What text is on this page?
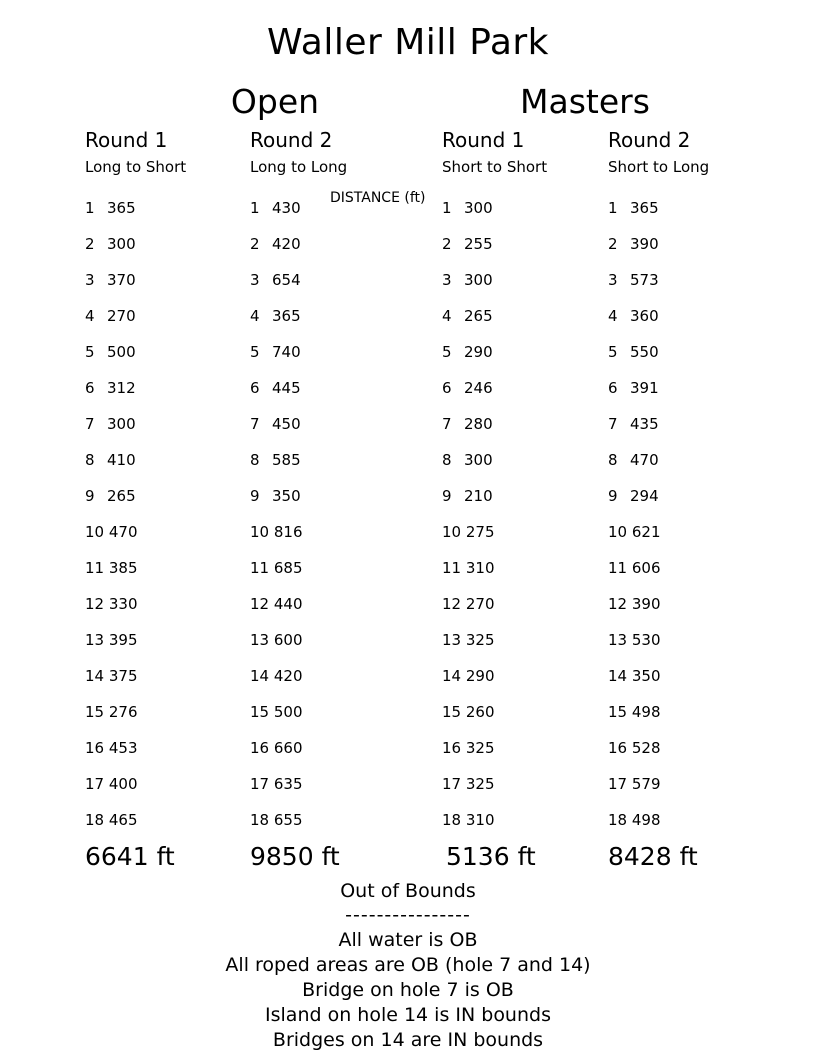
Waller Mill Park
Open	Masters
DISTANCE (ft)
Round 1
Long to Short
1 365
2 300
3 370
4 270
5 500
6 312
7 300
8 410
9 265
10 470
11 385
12 330
13 395
14 375
15 276
16 453
17 400
18 465
6641 ft
Round 2
Long to Long
1 430
2 420
3 654
4 365
5 740
6 445
7 450
8 585
9 350
10 816
11 685
12 440
13 600
14 420
15 500
16 660
17 635
18 655
9850 ft
Round 1
Short to Short
1 300
2 255
3 300
4 265
5 290
6 246
7 280
8 300
9 210
10 275
11 310
12 270
13 325
14 290
15 260
16 325
17 325
18 310
5136 ft
Round 2
Short to Long
1 365
2 390
3 573
4 360
5 550
6 391
7 435
8 470
9 294
10 621
11 606
12 390
13 530
14 350
15 498
16 528
17 579
18 498
8428 ft
Out of Bounds
----------------
All water is OB
All roped areas are OB (hole 7 and 14)
Bridge on hole 7 is OB
Island on hole 14 is IN bounds
Bridges on 14 are IN bounds
